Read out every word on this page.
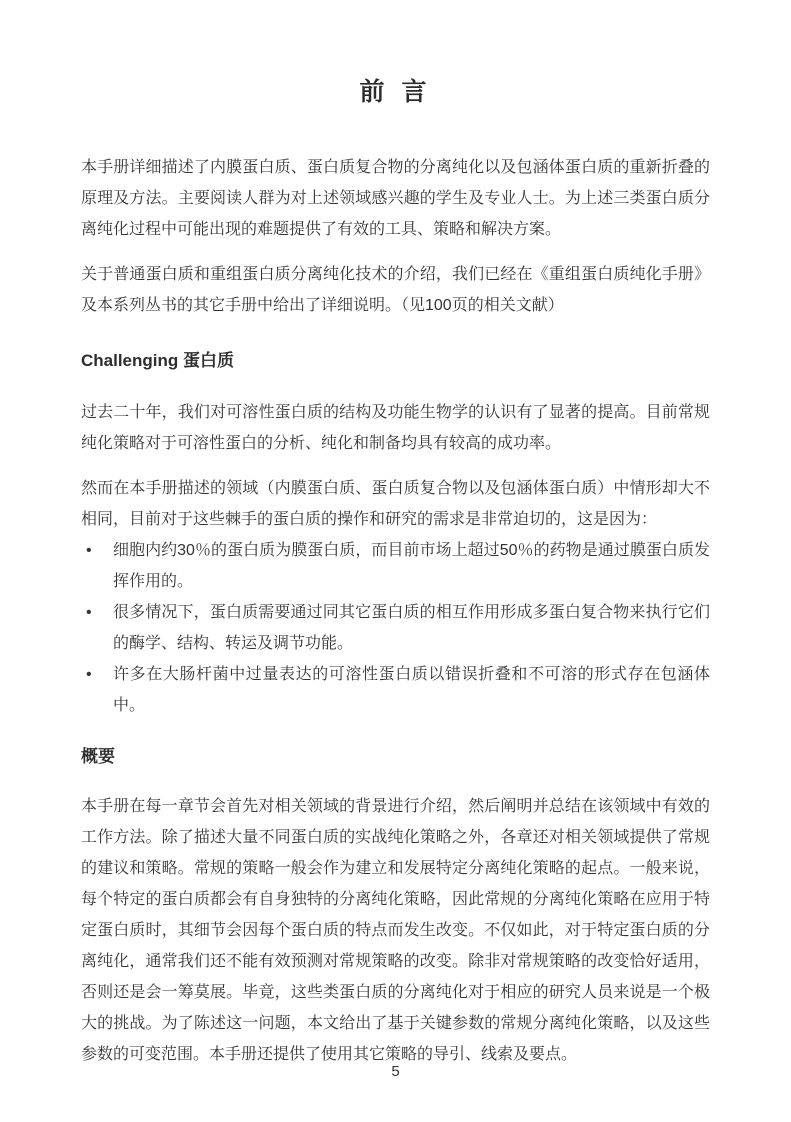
前 言

本手册详细描述了内膜蛋白质、蛋白质复合物的分离纯化以及包涵体蛋白质的重新折叠的原理及方法。主要阅读人群为对上述领域感兴趣的学生及专业人士。为上述三类蛋白质分离纯化过程中可能出现的难题提供了有效的工具、策略和解决方案。

关于普通蛋白质和重组蛋白质分离纯化技术的介绍，我们已经在《重组蛋白质纯化手册》及本系列丛书的其它手册中给出了详细说明。（见100页的相关文献）

Challenging 蛋白质

过去二十年，我们对可溶性蛋白质的结构及功能生物学的认识有了显著的提高。目前常规纯化策略对于可溶性蛋白的分析、纯化和制备均具有较高的成功率。

然而在本手册描述的领域（内膜蛋白质、蛋白质复合物以及包涵体蛋白质）中情形却大不相同，目前对于这些棘手的蛋白质的操作和研究的需求是非常迫切的，这是因为：

•	细胞内约30％的蛋白质为膜蛋白质，而目前市场上超过50％的药物是通过膜蛋白质发挥作用的。
•	很多情况下，蛋白质需要通过同其它蛋白质的相互作用形成多蛋白复合物来执行它们的酶学、结构、转运及调节功能。
•	许多在大肠杆菌中过量表达的可溶性蛋白质以错误折叠和不可溶的形式存在包涵体中。
概要

本手册在每一章节会首先对相关领域的背景进行介绍，然后阐明并总结在该领域中有效的工作方法。除了描述大量不同蛋白质的实战纯化策略之外，各章还对相关领域提供了常规的建议和策略。常规的策略一般会作为建立和发展特定分离纯化策略的起点。一般来说，每个特定的蛋白质都会有自身独特的分离纯化策略，因此常规的分离纯化策略在应用于特定蛋白质时，其细节会因每个蛋白质的特点而发生改变。不仅如此，对于特定蛋白质的分离纯化，通常我们还不能有效预测对常规策略的改变。除非对常规策略的改变恰好适用，否则还是会一筹莫展。毕竟，这些类蛋白质的分离纯化对于相应的研究人员来说是一个极大的挑战。为了陈述这一问题，本文给出了基于关键参数的常规分离纯化策略，以及这些参数的可变范围。本手册还提供了使用其它策略的导引、线索及要点。

5
